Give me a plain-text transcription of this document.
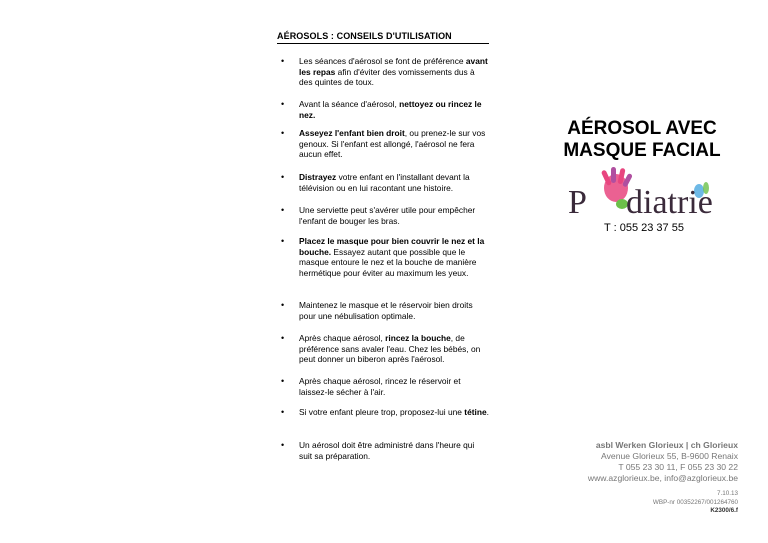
AÉROSOLS : CONSEILS D'UTILISATION
• Les séances d'aérosol se font de préférence avant les repas afin d'éviter des vomissements dus à des quintes de toux.
• Avant la séance d'aérosol, nettoyez ou rincez le nez.
• Asseyez l'enfant bien droit, ou prenez-le sur vos genoux. Si l'enfant est allongé, l'aérosol ne fera aucun effet.
• Distrayez votre enfant en l'installant devant la télévision ou en lui racontant une histoire.
• Une serviette peut s'avérer utile pour empêcher l'enfant de bouger les bras.
• Placez le masque pour bien couvrir le nez et la bouche. Essayez autant que possible que le masque entoure le nez et la bouche de manière hermétique pour éviter au maximum les yeux.
• Maintenez le masque et le réservoir bien droits pour une nébulisation optimale.
• Après chaque aérosol, rincez la bouche, de préférence sans avaler l'eau. Chez les bébés, on peut donner un biberon après l'aérosol.
• Après chaque aérosol, rincez le réservoir et laissez-le sécher à l'air.
• Si votre enfant pleure trop, proposez-lui une tétine.
• Un aérosol doit être administré dans l'heure qui suit sa préparation.
AÉROSOL AVEC
MASQUE FACIAL
P diatrie
T : 055 23 37 55
asbl Werken Glorieux | ch Glorieux
Avenue Glorieux 55, B-9600 Renaix
T 055 23 30 11, F 055 23 30 22
www.azglorieux.be, info@azglorieux.be
7.10.13
WBP-nr 00352267/001264760
K2300/6.f
